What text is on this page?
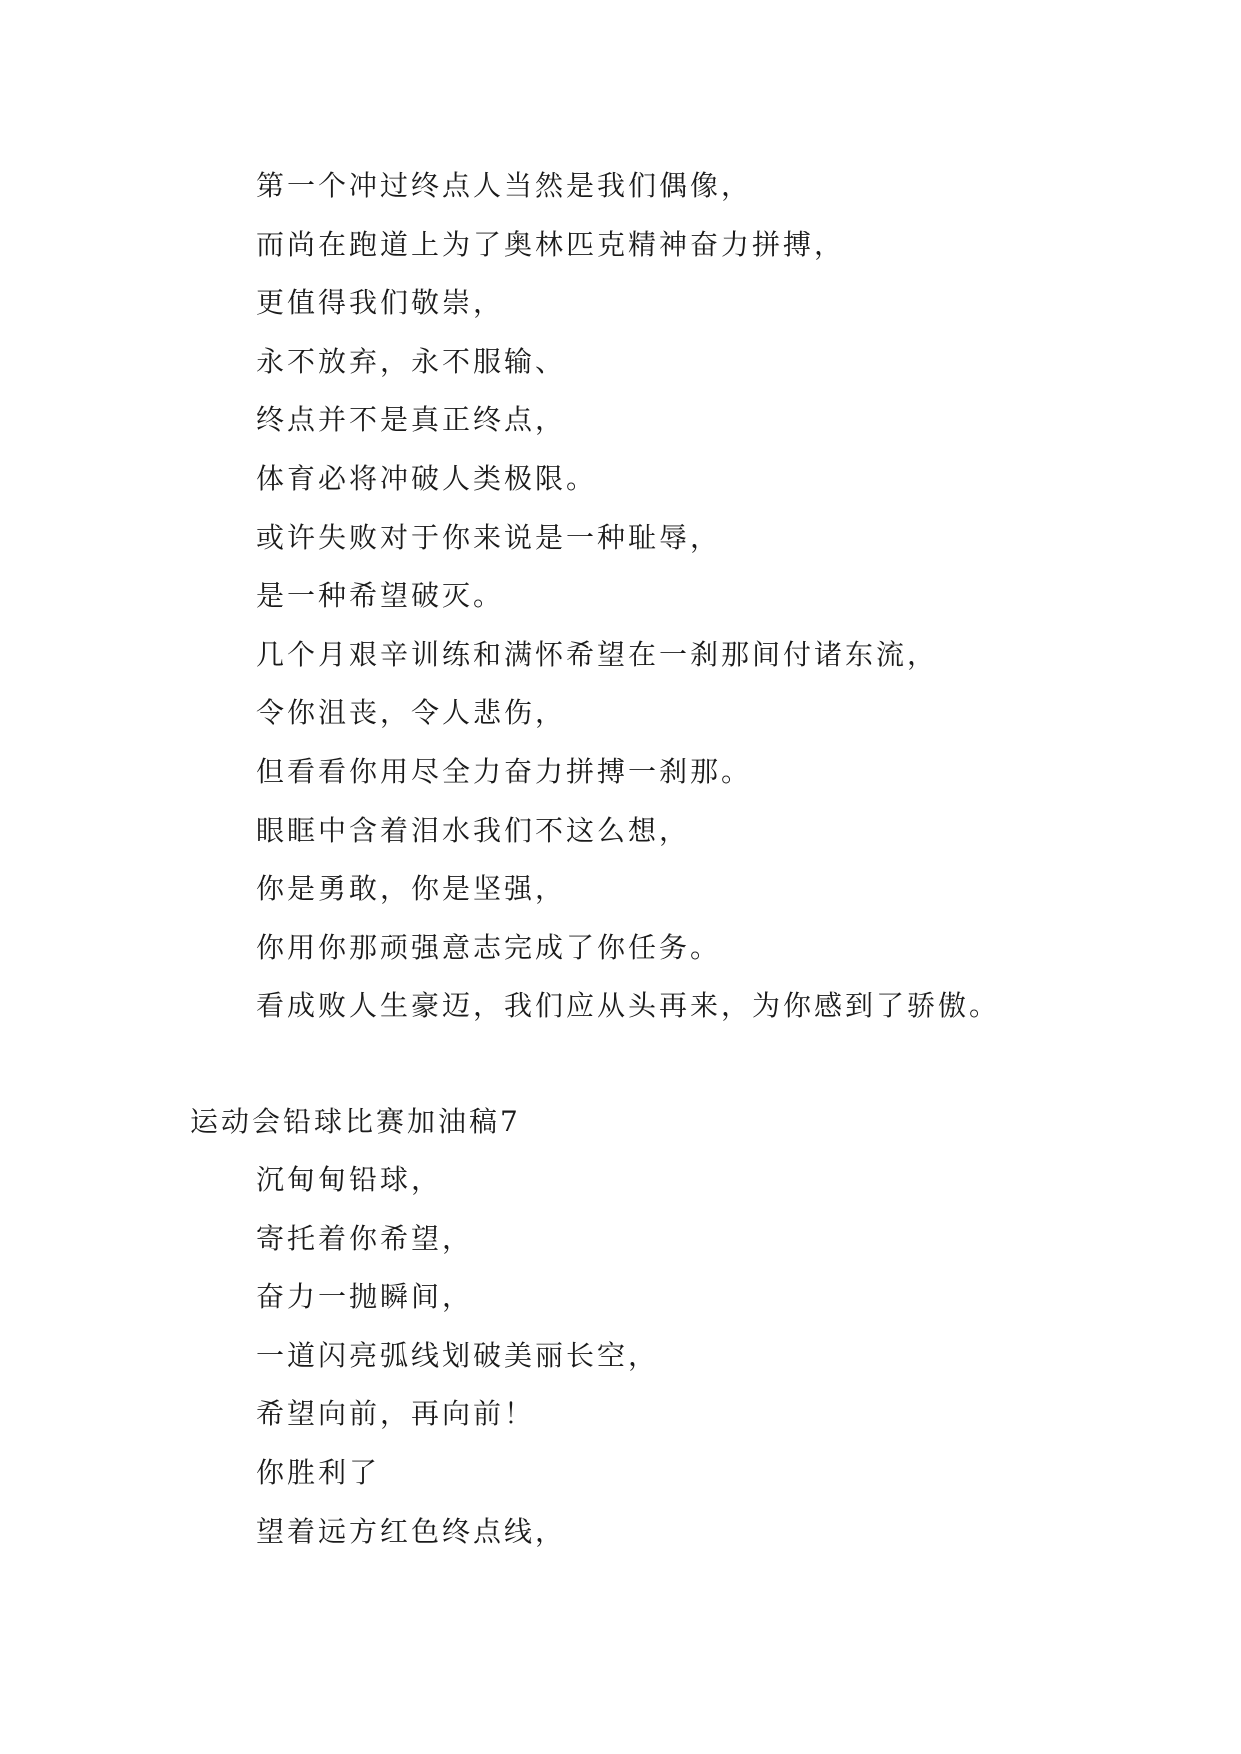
第一个冲过终点人当然是我们偶像，
而尚在跑道上为了奥林匹克精神奋力拼搏，
更值得我们敬崇，
永不放弃，永不服输、
终点并不是真正终点，
体育必将冲破人类极限。
或许失败对于你来说是一种耻辱，
是一种希望破灭。
几个月艰辛训练和满怀希望在一刹那间付诸东流，
令你沮丧，令人悲伤，
但看看你用尽全力奋力拼搏一刹那。
眼眶中含着泪水我们不这么想，
你是勇敢，你是坚强，
你用你那顽强意志完成了你任务。
看成败人生豪迈，我们应从头再来，为你感到了骄傲。
运动会铅球比赛加油稿7
沉甸甸铅球，
寄托着你希望，
奋力一抛瞬间，
一道闪亮弧线划破美丽长空，
希望向前，再向前！
你胜利了
望着远方红色终点线，
